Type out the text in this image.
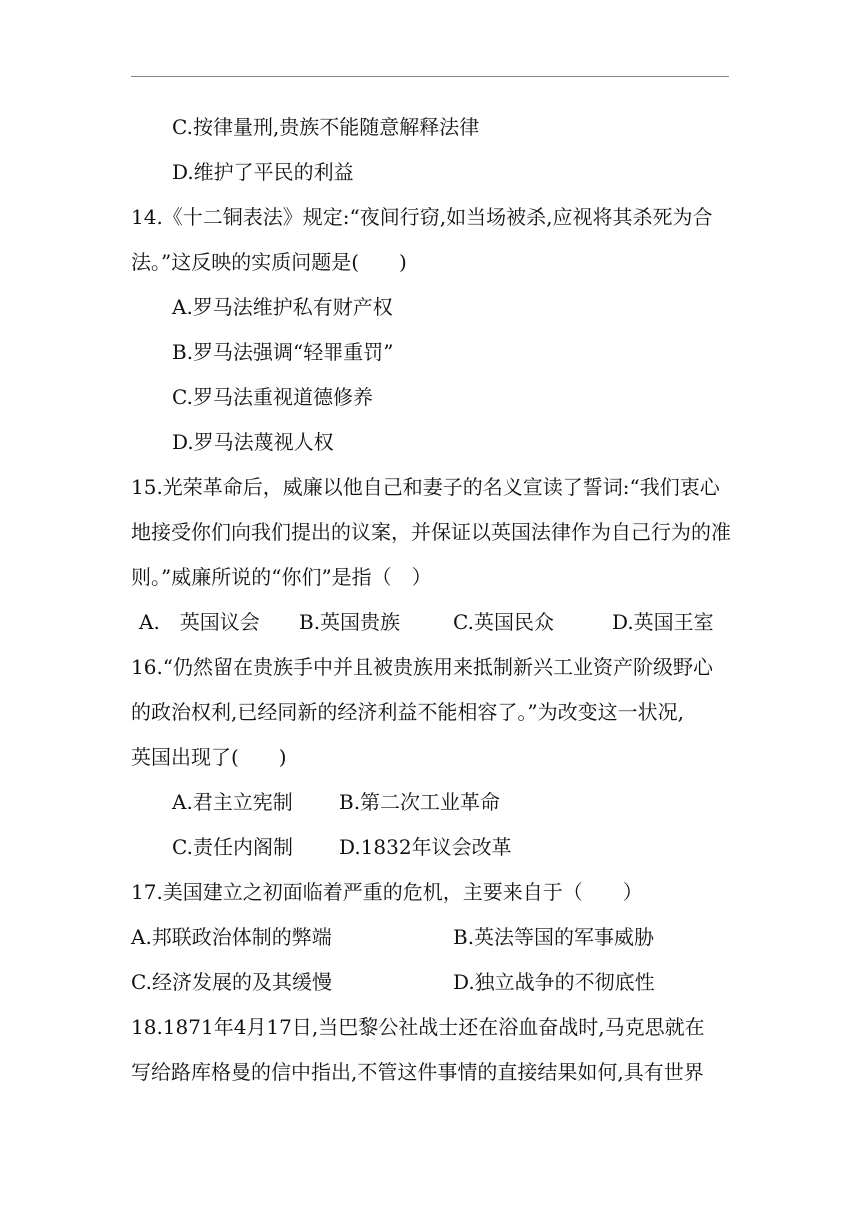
C.按律量刑,贵族不能随意解释法律
D.维护了平民的利益
14.《十二铜表法》规定:“夜间行窃,如当场被杀,应视将其杀死为合
法。”这反映的实质问题是(　　)
A.罗马法维护私有财产权
B.罗马法强调“轻罪重罚”
C.罗马法重视道德修养
D.罗马法蔑视人权
15.光荣革命后，威廉以他自己和妻子的名义宣读了誓词:“我们衷心
地接受你们向我们提出的议案，并保证以英国法律作为自己行为的准
则。”威廉所说的“你们”是指（　）
A.　英国议会 B.英国贵族	C.英国民众	D.英国王室
16.“仍然留在贵族手中并且被贵族用来抵制新兴工业资产阶级野心
的政治权利,已经同新的经济利益不能相容了。”为改变这一状况,
英国出现了(　　)
A.君主立宪制 B.第二次工业革命
C.责任内阁制 D.1832年议会改革
17.美国建立之初面临着严重的危机，主要来自于（　　）
A.邦联政治体制的弊端	B.英法等国的军事威胁
C.经济发展的及其缓慢	D.独立战争的不彻底性
18.1871年4月17日,当巴黎公社战士还在浴血奋战时,马克思就在
写给路库格曼的信中指出,不管这件事情的直接结果如何,具有世界
